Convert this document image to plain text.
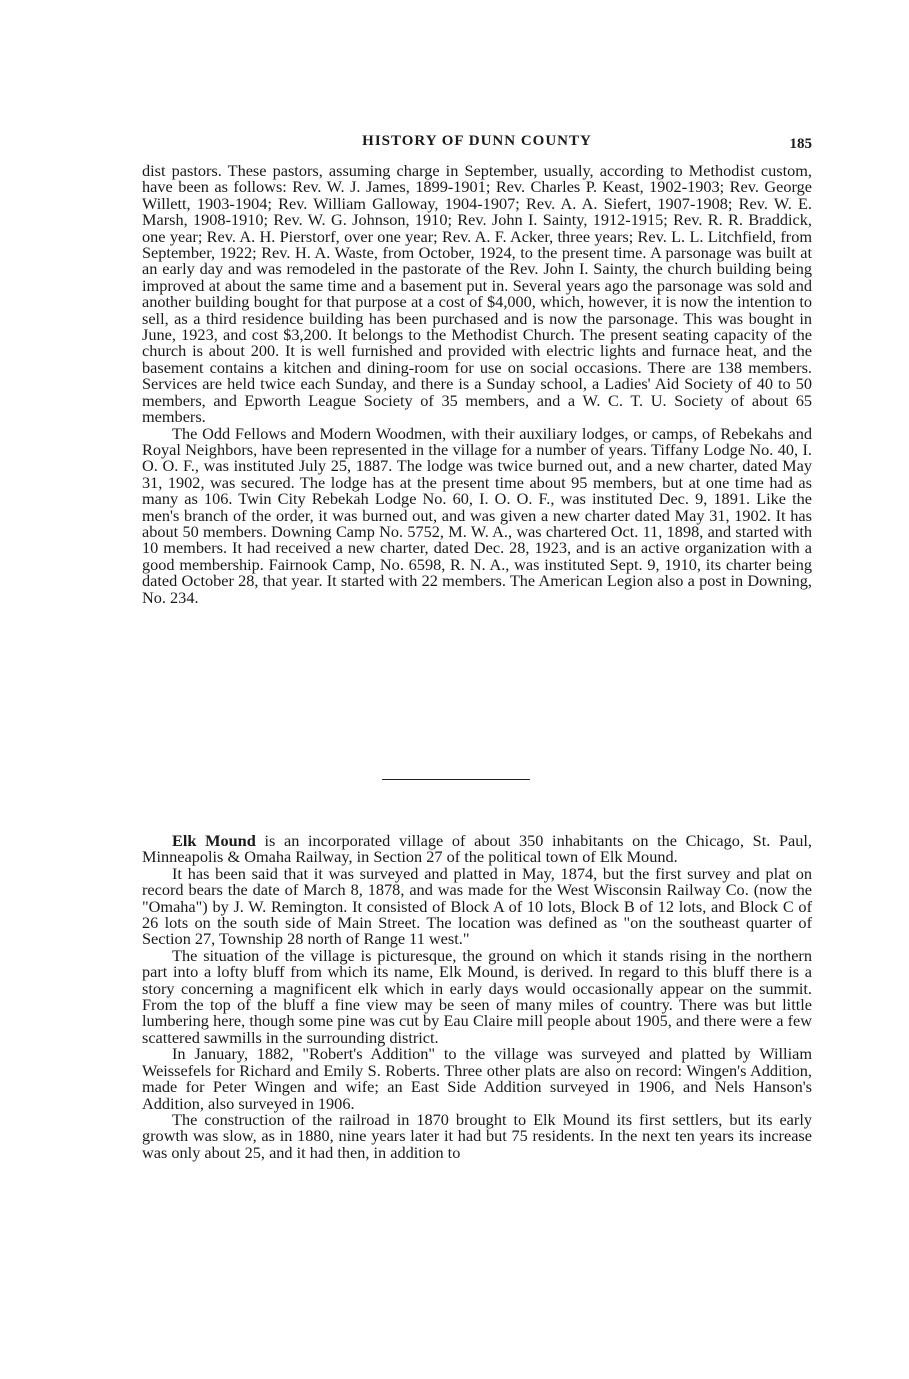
HISTORY OF DUNN COUNTY	185

dist pastors. These pastors, assuming charge in September, usually, according to Methodist custom, have been as follows: Rev. W. J. James, 1899-1901; Rev. Charles P. Keast, 1902-1903; Rev. George Willett, 1903-1904; Rev. William Galloway, 1904-1907; Rev. A. A. Siefert, 1907-1908; Rev. W. E. Marsh, 1908-1910; Rev. W. G. Johnson, 1910; Rev. John I. Sainty, 1912-1915; Rev. R. R. Braddick, one year; Rev. A. H. Pierstorf, over one year; Rev. A. F. Acker, three years; Rev. L. L. Litchfield, from September, 1922; Rev. H. A. Waste, from October, 1924, to the present time. A parsonage was built at an early day and was remodeled in the pastorate of the Rev. John I. Sainty, the church building being improved at about the same time and a basement put in. Several years ago the parsonage was sold and another building bought for that purpose at a cost of $4,000, which, however, it is now the intention to sell, as a third residence building has been purchased and is now the parsonage. This was bought in June, 1923, and cost $3,200. It belongs to the Methodist Church. The present seating capacity of the church is about 200. It is well furnished and provided with electric lights and furnace heat, and the basement contains a kitchen and dining-room for use on social occasions. There are 138 members. Services are held twice each Sunday, and there is a Sunday school, a Ladies' Aid Society of 40 to 50 members, and Epworth League Society of 35 members, and a W. C. T. U. Society of about 65 members.

The Odd Fellows and Modern Woodmen, with their auxiliary lodges, or camps, of Rebekahs and Royal Neighbors, have been represented in the village for a number of years. Tiffany Lodge No. 40, I. O. O. F., was instituted July 25, 1887. The lodge was twice burned out, and a new charter, dated May 31, 1902, was secured. The lodge has at the present time about 95 members, but at one time had as many as 106. Twin City Rebekah Lodge No. 60, I. O. O. F., was instituted Dec. 9, 1891. Like the men's branch of the order, it was burned out, and was given a new charter dated May 31, 1902. It has about 50 members. Downing Camp No. 5752, M. W. A., was chartered Oct. 11, 1898, and started with 10 members. It had received a new charter, dated Dec. 28, 1923, and is an active organization with a good membership. Fairnook Camp, No. 6598, R. N. A., was instituted Sept. 9, 1910, its charter being dated October 28, that year. It started with 22 members. The American Legion also a post in Downing, No. 234.

Elk Mound is an incorporated village of about 350 inhabitants on the Chicago, St. Paul, Minneapolis & Omaha Railway, in Section 27 of the political town of Elk Mound.

It has been said that it was surveyed and platted in May, 1874, but the first survey and plat on record bears the date of March 8, 1878, and was made for the West Wisconsin Railway Co. (now the "Omaha") by J. W. Remington. It consisted of Block A of 10 lots, Block B of 12 lots, and Block C of 26 lots on the south side of Main Street. The location was defined as "on the southeast quarter of Section 27, Township 28 north of Range 11 west."

The situation of the village is picturesque, the ground on which it stands rising in the northern part into a lofty bluff from which its name, Elk Mound, is derived. In regard to this bluff there is a story concerning a magnificent elk which in early days would occasionally appear on the summit. From the top of the bluff a fine view may be seen of many miles of country. There was but little lumbering here, though some pine was cut by Eau Claire mill people about 1905, and there were a few scattered sawmills in the surrounding district.

In January, 1882, "Robert's Addition" to the village was surveyed and platted by William Weissefels for Richard and Emily S. Roberts. Three other plats are also on record: Wingen's Addition, made for Peter Wingen and wife; an East Side Addition surveyed in 1906, and Nels Hanson's Addition, also surveyed in 1906.

The construction of the railroad in 1870 brought to Elk Mound its first settlers, but its early growth was slow, as in 1880, nine years later it had but 75 residents. In the next ten years its increase was only about 25, and it had then, in addition to
